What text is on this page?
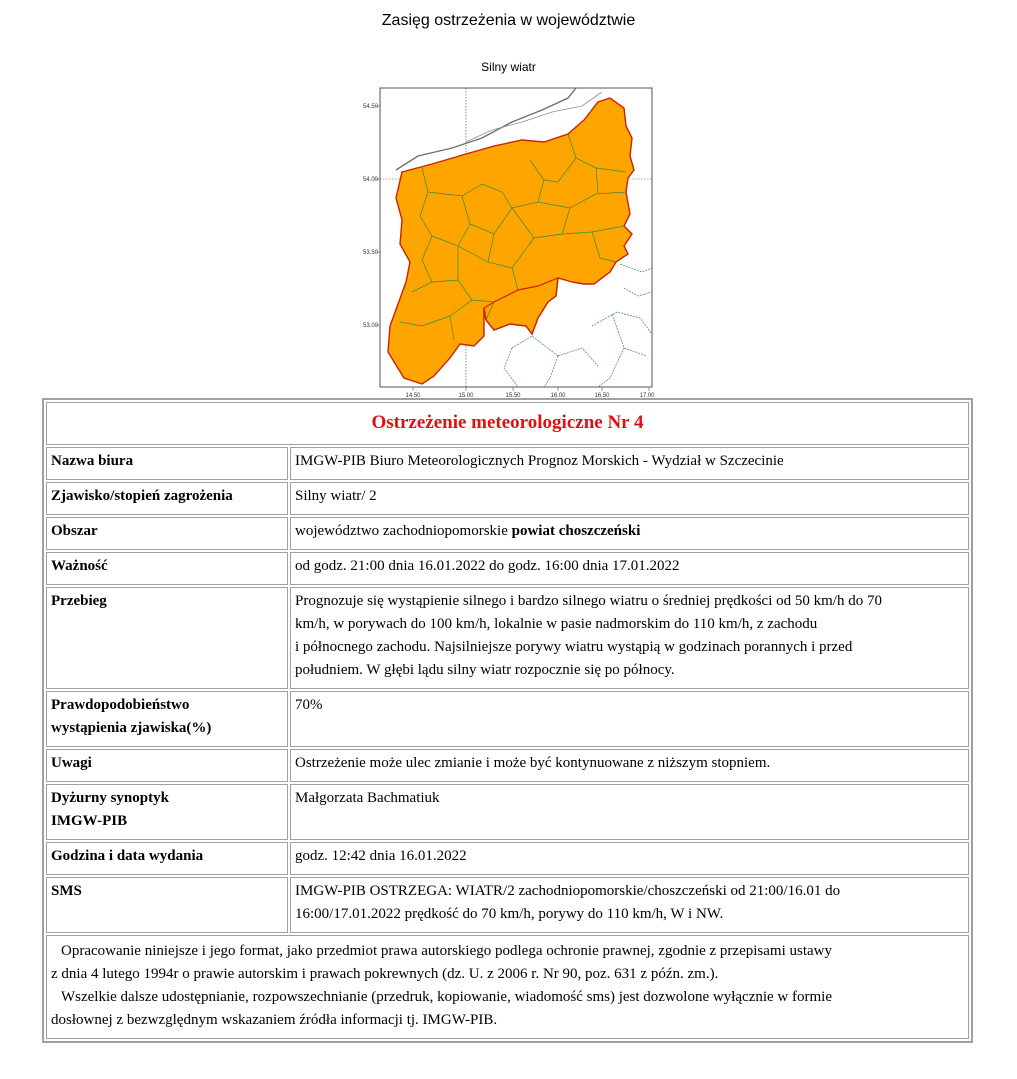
Zasięg ostrzeżenia w województwie
Silny wiatr
14.50	15.00	15.50	16.00	16.50	17.00
54.50
54.00
53.50
53.00
Ostrzeżenie meteorologiczne Nr 4	
Nazwa biura	IMGW-PIB Biuro Meteorologicznych Prognoz Morskich - Wydział w Szczecinie
Zjawisko/stopień zagrożenia	Silny wiatr/ 2
Obszar	województwo zachodniopomorskie powiat choszczeński
Ważność	od godz. 21:00 dnia 16.01.2022 do godz. 16:00 dnia 17.01.2022
Przebieg	Prognozuje się wystąpienie silnego i bardzo silnego wiatru o średniej prędkości od 50 km/h do 70
km/h, w porywach do 100 km/h, lokalnie w pasie nadmorskim do 110 km/h, z zachodu
i północnego zachodu. Najsilniejsze porywy wiatru wystąpią w godzinach porannych i przed
południem. W głębi lądu silny wiatr rozpocznie się po północy.

Prawdopodobieństwo
wystąpienia zjawiska(%)	70%
Uwagi	Ostrzeżenie może ulec zmianie i może być kontynuowane z niższym stopniem.

Dyżurny synoptyk
IMGW-PIB	Małgorzata Bachmatiuk
Godzina i data wydania	godz. 12:42 dnia 16.01.2022
SMS	IMGW-PIB OSTRZEGA: WIATR/2 zachodniopomorskie/choszczeński od 21:00/16.01 do
16:00/17.01.2022 prędkość do 70 km/h, porywy do 110 km/h, W i NW.

Opracowanie niniejsze i jego format, jako przedmiot prawa autorskiego podlega ochronie prawnej, zgodnie z przepisami ustawy
z dnia 4 lutego 1994r o prawie autorskim i prawach pokrewnych (dz. U. z 2006 r. Nr 90, poz. 631 z późn. zm.).
Wszelkie dalsze udostępnianie, rozpowszechnianie (przedruk, kopiowanie, wiadomość sms) jest dozwolone wyłącznie w formie
dosłownej z bezwzględnym wskazaniem źródła informacji tj. IMGW-PIB.	
